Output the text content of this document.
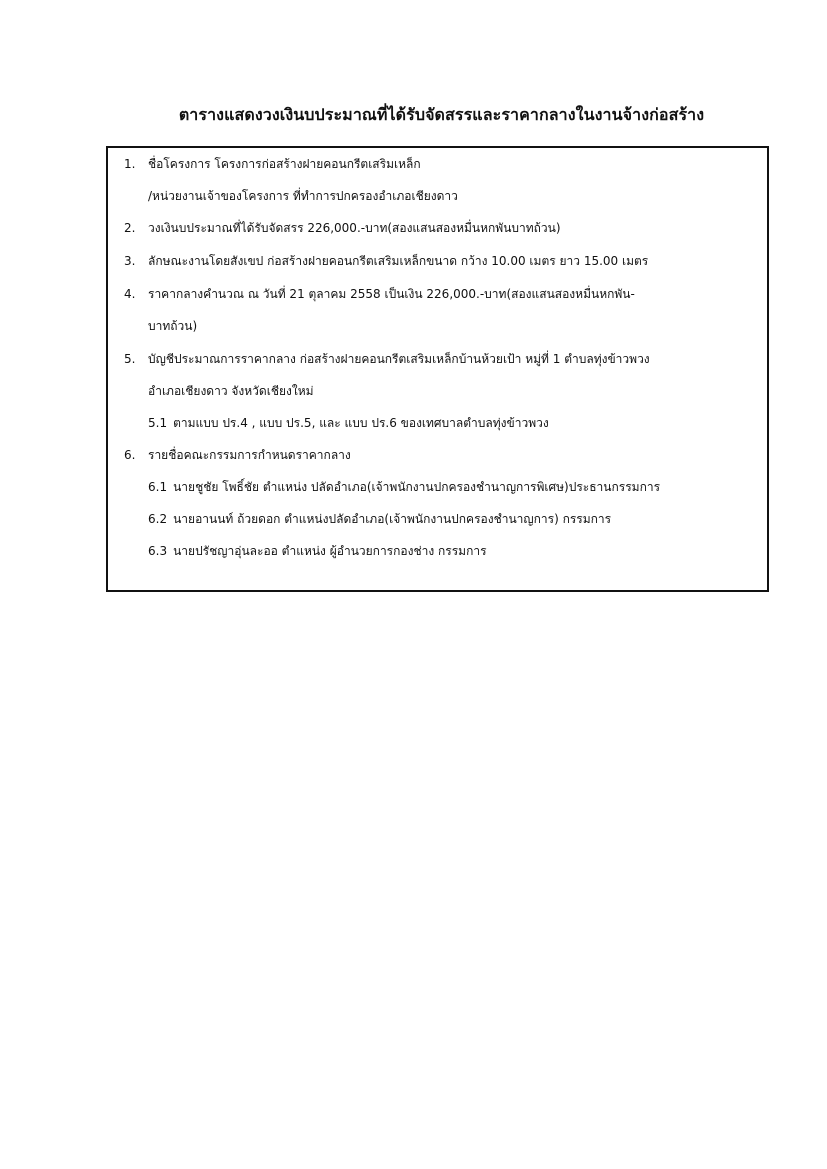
ตารางแสดงวงเงินบประมาณที่ได้รับจัดสรรและราคากลางในงานจ้างก่อสร้าง
1. ชื่อโครงการ โครงการก่อสร้างฝายคอนกรีตเสริมเหล็ก
/หน่วยงานเจ้าของโครงการ ที่ทำการปกครองอำเภอเชียงดาว
2. วงเงินบประมาณที่ได้รับจัดสรร 226,000.-บาท(สองแสนสองหมื่นหกพันบาทถ้วน)
3. ลักษณะงานโดยสังเขป ก่อสร้างฝายคอนกรีตเสริมเหล็กขนาด กว้าง 10.00 เมตร ยาว 15.00 เมตร
4. ราคากลางคำนวณ ณ วันที่ 21 ตุลาคม 2558 เป็นเงิน 226,000.-บาท(สองแสนสองหมื่นหกพัน-
บาทถ้วน)
5. บัญชีประมาณการราคากลาง ก่อสร้างฝายคอนกรีตเสริมเหล็กบ้านห้วยเป้า หมู่ที่ 1 ตำบลทุ่งข้าวพวง
อำเภอเชียงดาว จังหวัดเชียงใหม่
5.1 ตามแบบ ปร.4 , แบบ ปร.5, และ แบบ ปร.6 ของเทศบาลตำบลทุ่งข้าวพวง
6. รายชื่อคณะกรรมการกำหนดราคากลาง
6.1 นายชูชัย โพธิ์ชัย ตำแหน่ง ปลัดอำเภอ(เจ้าพนักงานปกครองชำนาญการพิเศษ)ประธานกรรมการ
6.2 นายอานนท์ ถ้วยดอก ตำแหน่งปลัดอำเภอ(เจ้าพนักงานปกครองชำนาญการ) กรรมการ
6.3 นายปรัชญาอุ่นละออ ตำแหน่ง ผู้อำนวยการกองช่าง กรรมการ
